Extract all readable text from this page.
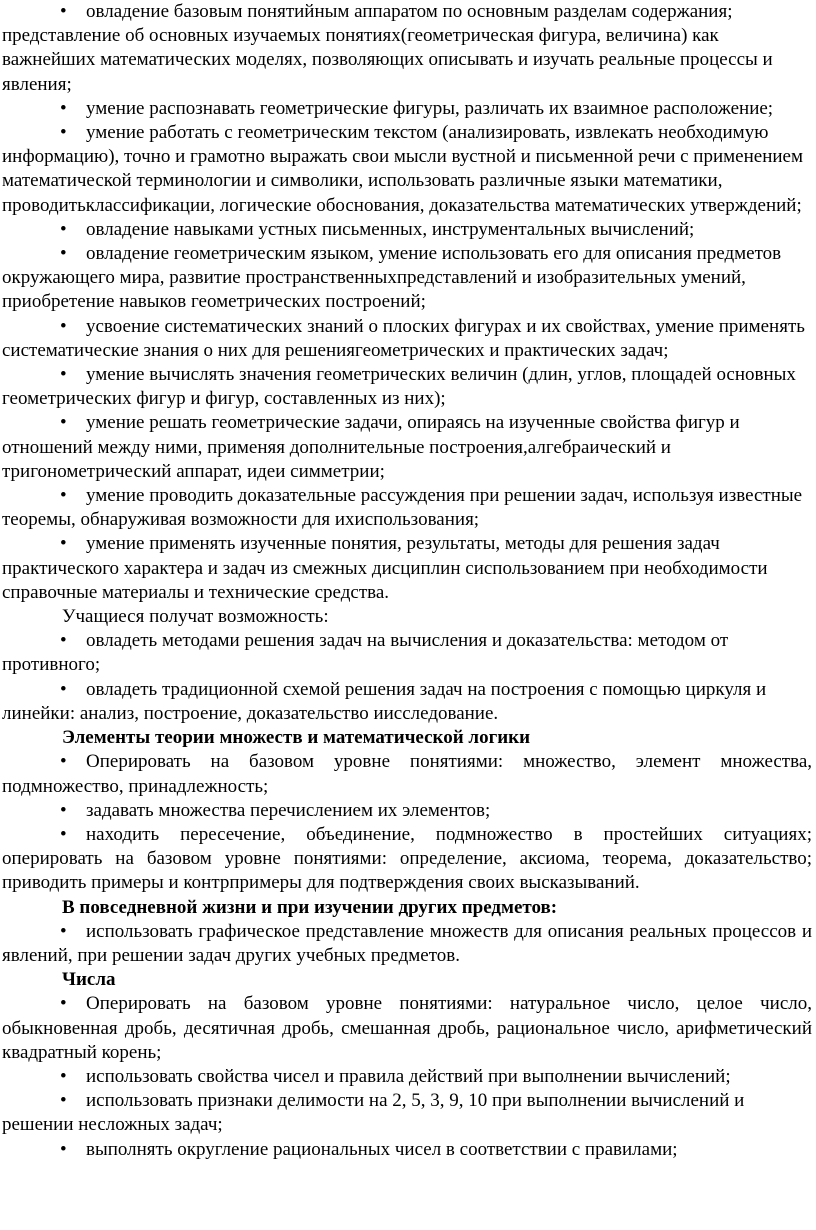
• овладение базовым понятийным аппаратом по основным разделам содержания; представление об основных изучаемых понятиях(геометрическая фигура, величина) как важнейших математических моделях, позволяющих описывать и изучать реальные процессы и явления;

• умение распознавать геометрические фигуры, различать их взаимное расположение;

• умение работать с геометрическим текстом (анализировать, извлекать необходимую информацию), точно и грамотно выражать свои мысли вустной и письменной речи с применением математической терминологии и символики, использовать различные языки математики, проводитьклассификации, логические обоснования, доказательства математических утверждений;

• овладение навыками устных письменных, инструментальных вычислений;

• овладение геометрическим языком, умение использовать его для описания предметов окружающего мира, развитие пространственныхпредставлений и изобразительных умений, приобретение навыков геометрических построений;

• усвоение систематических знаний о плоских фигурах и их свойствах, умение применять систематические знания о них для решениягеометрических и практических задач;

• умение вычислять значения геометрических величин (длин, углов, площадей основных геометрических фигур и фигур, составленных из них);

• умение решать геометрические задачи, опираясь на изученные свойства фигур и отношений между ними, применяя дополнительные построения,алгебраический и тригонометрический аппарат, идеи симметрии;

• умение проводить доказательные рассуждения при решении задач, используя известные теоремы, обнаруживая возможности для ихиспользования;

• умение применять изученные понятия, результаты, методы для решения задач практического характера и задач из смежных дисциплин сиспользованием при необходимости справочные материалы и технические средства.

Учащиеся получат возможность:

• овладеть методами решения задач на вычисления и доказательства: методом от противного;

• овладеть традиционной схемой решения задач на построения с помощью циркуля и линейки: анализ, построение, доказательство иисследование.

Элементы теории множеств и математической логики

• Оперировать на базовом уровне понятиями: множество, элемент множества, подмножество, принадлежность;

• задавать множества перечислением их элементов;

• находить пересечение, объединение, подмножество в простейших ситуациях; оперировать на базовом уровне понятиями: определение, аксиома, теорема, доказательство; приводить примеры и контрпримеры для подтверждения своих высказываний.

В повседневной жизни и при изучении других предметов:

• использовать графическое представление множеств для описания реальных процессов и явлений, при решении задач других учебных предметов.

Числа

• Оперировать на базовом уровне понятиями: натуральное число, целое число, обыкновенная дробь, десятичная дробь, смешанная дробь, рациональное число, арифметический квадратный корень;

• использовать свойства чисел и правила действий при выполнении вычислений;

• использовать признаки делимости на 2, 5, 3, 9, 10 при выполнении вычислений и решении несложных задач;

• выполнять округление рациональных чисел в соответствии с правилами;
